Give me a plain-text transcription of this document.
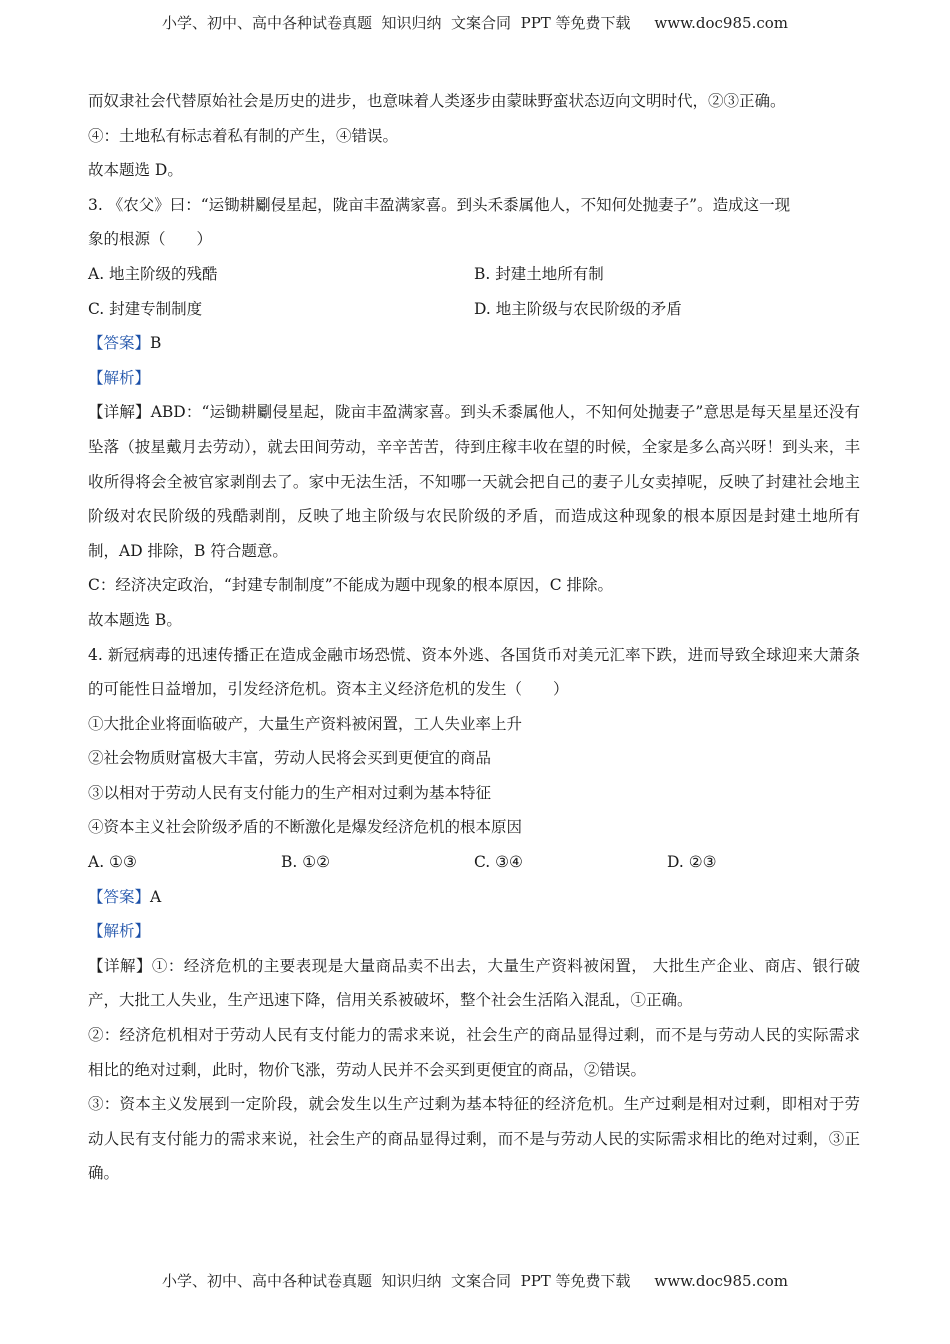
小学、初中、高中各种试卷真题  知识归纳  文案合同  PPT 等免费下载     www.doc985.com
而奴隶社会代替原始社会是历史的进步，也意味着人类逐步由蒙昧野蛮状态迈向文明时代，②③正确。
④：土地私有标志着私有制的产生，④错误。
故本题选 D。
3. 《农父》曰：“运锄耕劚侵星起，陇亩丰盈满家喜。到头禾黍属他人，不知何处抛妻子”。造成这一现
象的根源（　　）
A. 地主阶级的残酷	B. 封建土地所有制
C. 封建专制制度	D. 地主阶级与农民阶级的矛盾
【答案】B
【解析】
【详解】ABD：“运锄耕劚侵星起，陇亩丰盈满家喜。到头禾黍属他人，不知何处抛妻子”意思是每天星星还没有坠落（披星戴月去劳动），就去田间劳动，辛辛苦苦，待到庄稼丰收在望的时候，全家是多么高兴呀！到头来，丰收所得将会全被官家剥削去了。家中无法生活，不知哪一天就会把自己的妻子儿女卖掉呢，反映了封建社会地主阶级对农民阶级的残酷剥削，反映了地主阶级与农民阶级的矛盾，而造成这种现象的根本原因是封建土地所有制，AD 排除，B 符合题意。
C：经济决定政治，“封建专制制度”不能成为题中现象的根本原因，C 排除。
故本题选 B。
4. 新冠病毒的迅速传播正在造成金融市场恐慌、资本外逃、各国货币对美元汇率下跌，进而导致全球迎来大萧条的可能性日益增加，引发经济危机。资本主义经济危机的发生（　　）
①大批企业将面临破产，大量生产资料被闲置，工人失业率上升
②社会物质财富极大丰富，劳动人民将会买到更便宜的商品
③以相对于劳动人民有支付能力的生产相对过剩为基本特征
④资本主义社会阶级矛盾的不断激化是爆发经济危机的根本原因
A. ①③	B. ①②	C. ③④	D. ②③
【答案】A
【解析】
【详解】①：经济危机的主要表现是大量商品卖不出去，大量生产资料被闲置， 大批生产企业、商店、银行破产，大批工人失业，生产迅速下降，信用关系被破坏，整个社会生活陷入混乱，①正确。
②：经济危机相对于劳动人民有支付能力的需求来说，社会生产的商品显得过剩，而不是与劳动人民的实际需求相比的绝对过剩，此时，物价飞涨，劳动人民并不会买到更便宜的商品，②错误。
③：资本主义发展到一定阶段，就会发生以生产过剩为基本特征的经济危机。生产过剩是相对过剩，即相对于劳动人民有支付能力的需求来说，社会生产的商品显得过剩，而不是与劳动人民的实际需求相比的绝对过剩，③正确。
小学、初中、高中各种试卷真题  知识归纳  文案合同  PPT 等免费下载     www.doc985.com
